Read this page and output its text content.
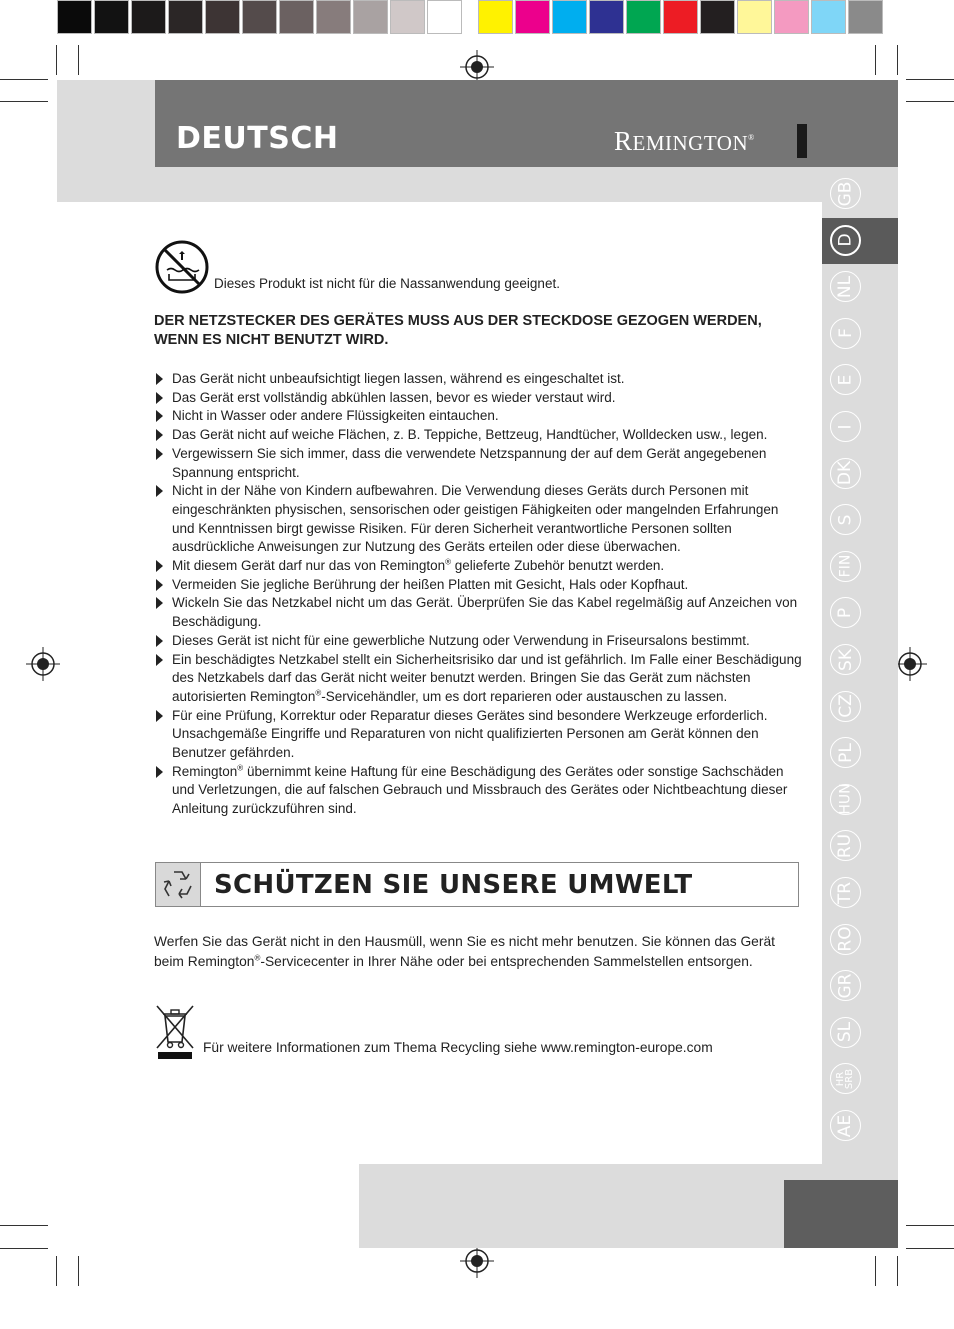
DEUTSCH	REMINGTON®
GB
D
NL
F
E
I
DK
S
FIN
P
SK
CZ
PL
HUN
RU
TR
RO
GR
SL
HR
SRB
AE
Dieses Produkt ist nicht für die Nassanwendung geeignet.
DER NETZSTECKER DES GERÄTES MUSS AUS DER STECKDOSE GEZOGEN WERDEN, WENN ES NICHT BENUTZT WIRD.
Das Gerät nicht unbeaufsichtigt liegen lassen, während es eingeschaltet ist.
Das Gerät erst vollständig abkühlen lassen, bevor es wieder verstaut wird.
Nicht in Wasser oder andere Flüssigkeiten eintauchen.
Das Gerät nicht auf weiche Flächen, z. B. Teppiche, Bettzeug, Handtücher, Wolldecken usw., legen.
Vergewissern Sie sich immer, dass die verwendete Netzspannung der auf dem Gerät angegebenen Spannung entspricht.
Nicht in der Nähe von Kindern aufbewahren. Die Verwendung dieses Geräts durch Personen mit eingeschränkten physischen, sensorischen oder geistigen Fähigkeiten oder mangelnden Erfahrungen und Kenntnissen birgt gewisse Risiken. Für deren Sicherheit verantwortliche Personen sollten ausdrückliche Anweisungen zur Nutzung des Geräts erteilen oder diese überwachen.
Mit diesem Gerät darf nur das von Remington® gelieferte Zubehör benutzt werden.
Vermeiden Sie jegliche Berührung der heißen Platten mit Gesicht, Hals oder Kopfhaut.
Wickeln Sie das Netzkabel nicht um das Gerät. Überprüfen Sie das Kabel regelmäßig auf Anzeichen von Beschädigung.
Dieses Gerät ist nicht für eine gewerbliche Nutzung oder Verwendung in Friseursalons bestimmt.
Ein beschädigtes Netzkabel stellt ein Sicherheitsrisiko dar und ist gefährlich. Im Falle einer Beschädigung des Netzkabels darf das Gerät nicht weiter benutzt werden. Bringen Sie das Gerät zum nächsten autorisierten Remington®-Servicehändler, um es dort reparieren oder austauschen zu lassen.
Für eine Prüfung, Korrektur oder Reparatur dieses Gerätes sind besondere Werkzeuge erforderlich. Unsachgemäße Eingriffe und Reparaturen von nicht qualifizierten Personen am Gerät können den Benutzer gefährden.
Remington® übernimmt keine Haftung für eine Beschädigung des Gerätes oder sonstige Sachschäden und Verletzungen, die auf falschen Gebrauch und Missbrauch des Gerätes oder Nichtbeachtung dieser Anleitung zurückzuführen sind.
SCHÜTZEN SIE UNSERE UMWELT
Werfen Sie das Gerät nicht in den Hausmüll, wenn Sie es nicht mehr benutzen. Sie können das Gerät beim Remington®-Servicecenter in Ihrer Nähe oder bei entsprechenden Sammelstellen entsorgen.
Für weitere Informationen zum Thema Recycling siehe www.remington-europe.com
